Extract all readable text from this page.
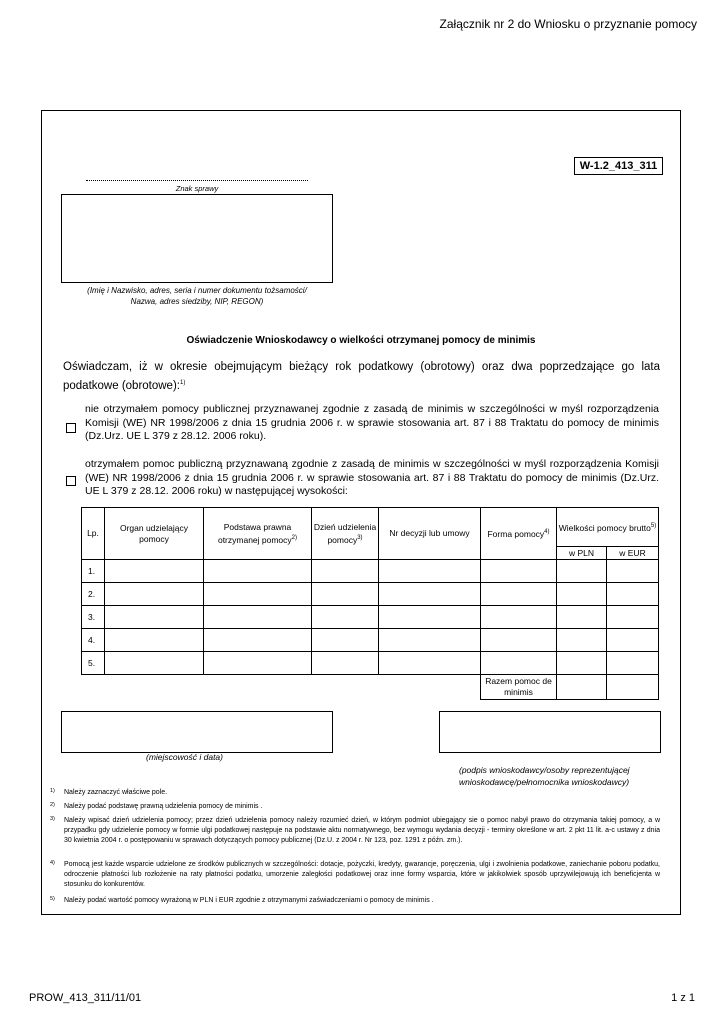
Załącznik nr 2 do Wniosku o przyznanie pomocy
W-1.2_413_311
Znak sprawy
(Imię i Nazwisko, adres, seria i numer dokumentu tożsamości/
Nazwa, adres siedziby, NIP, REGON)
Oświadczenie Wnioskodawcy o wielkości otrzymanej pomocy de minimis
Oświadczam, iż w okresie obejmującym bieżący rok podatkowy (obrotowy) oraz dwa poprzedzające go lata podatkowe (obrotowe):$^{1)}$
nie otrzymałem pomocy publicznej przyznawanej zgodnie z zasadą de minimis w szczególności w myśl rozporządzenia Komisji (WE) NR 1998/2006 z dnia 15 grudnia 2006 r. w sprawie stosowania art. 87 i 88 Traktatu do pomocy de minimis (Dz.Urz. UE L 379 z 28.12. 2006 roku).
otrzymałem pomoc publiczną przyznawaną zgodnie z zasadą de minimis w szczególności w myśl rozporządzenia Komisji (WE) NR 1998/2006 z dnia 15 grudnia 2006 r. w sprawie stosowania art. 87 i 88 Traktatu do pomocy de minimis (Dz.Urz. UE L 379 z 28.12. 2006 roku) w następującej wysokości:
Lp.	Organ udzielający pomocy	Podstawa prawna otrzymanej pomocy$^{2)}$	Dzień udzielenia pomocy$^{3)}$	Nr decyzji lub umowy	Forma pomocy$^{4)}$	Wielkości pomocy brutto$^{5)}$
						w PLN	w EUR
1.							
2.							
3.							
4.							
5.							
					Razem pomoc de minimis		
(miejscowość i data)
(podpis wnioskodawcy/osoby reprezentującej
wnioskodawcę/pełnomocnika wnioskodawcy)
1) Należy zaznaczyć właściwe pole.
2) Należy podać podstawę prawną udzielenia pomocy de minimis .
3) Należy wpisać dzień udzielenia pomocy; przez dzień udzielenia pomocy należy rozumieć dzień, w którym podmiot ubiegający sie o pomoc nabył prawo do otrzymania takiej pomocy, a w przypadku gdy udzielenie pomocy w formie ulgi podatkowej następuje na podstawie aktu normatywnego, bez wymogu wydania decyzji - terminy określone w art. 2 pkt 11 lit. a-c ustawy z dnia 30 kwietnia 2004 r. o postępowaniu w sprawach dotyczących pomocy publicznej (Dz.U. z 2004 r. Nr 123, poz. 1291 z późn. zm.).
4) Pomocą jest każde wsparcie udzielone ze środków publicznych w szczególności: dotacje, pożyczki, kredyty, gwarancje, poręczenia, ulgi i zwolnienia podatkowe, zaniechanie poboru podatku, odroczenie płatności lub rozłożenie na raty płatności podatku, umorzenie zaległości podatkowej oraz inne formy wsparcia, które w jakikolwiek sposób uprzywilejowują ich beneficjenta w stosunku do konkurentów.
5) Należy podać wartość pomocy wyrażoną w PLN i EUR zgodnie z otrzymanymi zaświadczeniami o pomocy de minimis .
PROW_413_311/11/01	1 z 1
